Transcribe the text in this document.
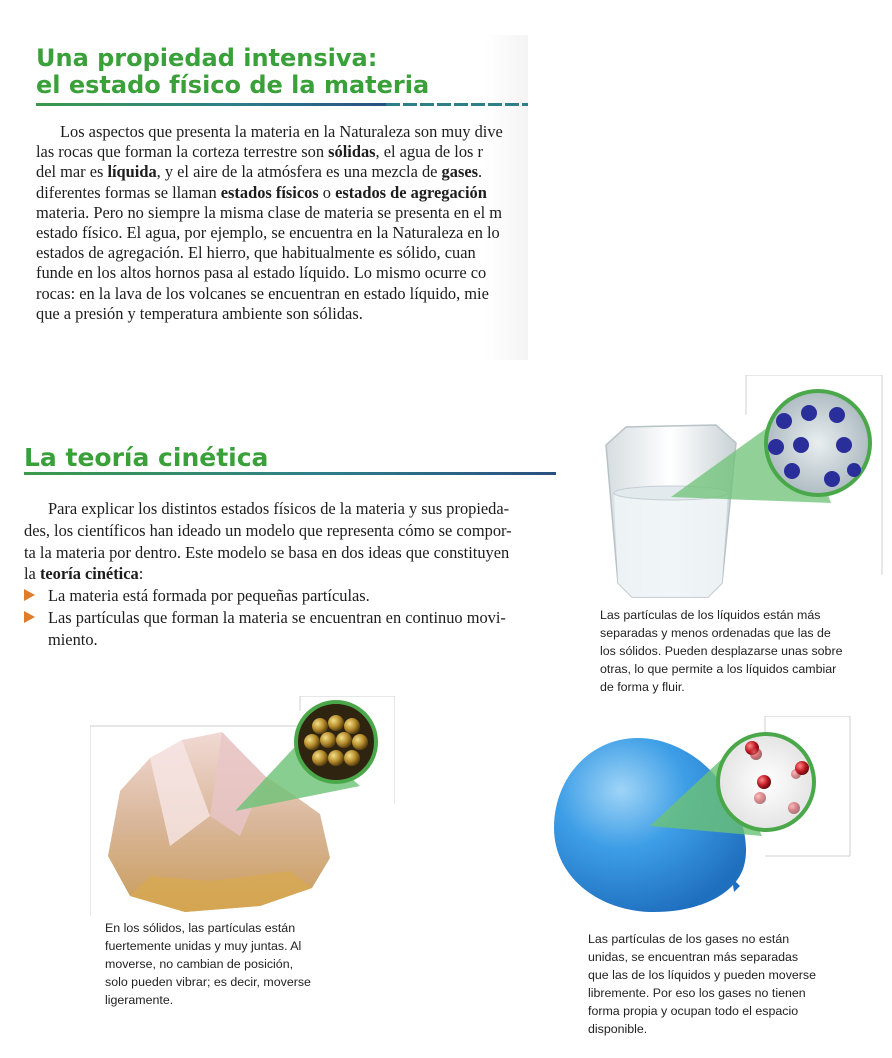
Una propiedad intensiva:
el estado físico de la materia
Los aspectos que presenta la materia en la Naturaleza son muy dive
las rocas que forman la corteza terrestre son sólidas, el agua de los r
del mar es líquida, y el aire de la atmósfera es una mezcla de gases.
diferentes formas se llaman estados físicos o estados de agregación
materia. Pero no siempre la misma clase de materia se presenta en el m
estado físico. El agua, por ejemplo, se encuentra en la Naturaleza en lo
estados de agregación. El hierro, que habitualmente es sólido, cuan
funde en los altos hornos pasa al estado líquido. Lo mismo ocurre co
rocas: en la lava de los volcanes se encuentran en estado líquido, mie
que a presión y temperatura ambiente son sólidas.
La teoría cinética
Para explicar los distintos estados físicos de la materia y sus propieda-
des, los científicos han ideado un modelo que representa cómo se compor-
ta la materia por dentro. Este modelo se basa en dos ideas que constituyen
la teoría cinética:
La materia está formada por pequeñas partículas.
Las partículas que forman la materia se encuentran en continuo movi-
miento.
Las partículas de los líquidos están más
separadas y menos ordenadas que las de
los sólidos. Pueden desplazarse unas sobre
otras, lo que permite a los líquidos cambiar
de forma y fluir.
En los sólidos, las partículas están
fuertemente unidas y muy juntas. Al
moverse, no cambian de posición,
solo pueden vibrar; es decir, moverse
ligeramente.
Las partículas de los gases no están
unidas, se encuentran más separadas
que las de los líquidos y pueden moverse
libremente. Por eso los gases no tienen
forma propia y ocupan todo el espacio
disponible.
